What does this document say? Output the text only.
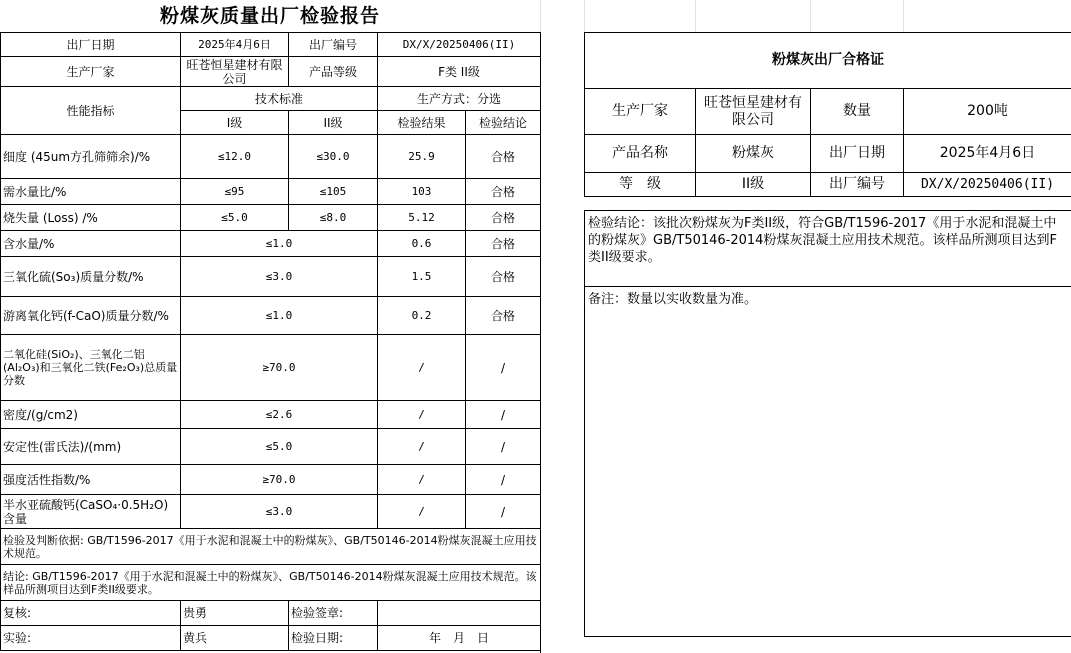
粉煤灰质量出厂检验报告
出厂日期	2025年4月6日	出厂编号	DX/X/20250406(II)	
生产厂家	旺苍恒星建材有限公司	产品等级	F类 II级	
性能指标	技术标准		生产方式：分选	
	I级	II级	检验结果	检验结论
细度 (45um方孔筛筛余)/%	≤12.0	≤30.0	25.9	合格
需水量比/%	≤95	≤105	103	合格
烧失量 (Loss) /%	≤5.0	≤8.0	5.12	合格
含水量/%	≤1.0		0.6	合格
三氧化硫(So₃)质量分数/%	≤3.0		1.5	合格
游离氧化钙(f-CaO)质量分数/%	≤1.0		0.2	合格
二氧化硅(SiO₂)、三氧化二铝(Al₂O₃)和三氧化二铁(Fe₂O₃)总质量分数	≥70.0		/	/
密度/(g/cm2)	≤2.6		/	/
安定性(雷氏法)/(mm)	≤5.0		/	/
强度活性指数/%	≥70.0		/	/
半水亚硫酸钙(CaSO₄·0.5H₂O)含量	≤3.0		/	/
检验及判断依据: GB/T1596-2017《用于水泥和混凝土中的粉煤灰》、GB/T50146-2014粉煤灰混凝土应用技术规范。				
结论: GB/T1596-2017《用于水泥和混凝土中的粉煤灰》、GB/T50146-2014粉煤灰混凝土应用技术规范。该样品所测项目达到F类II级要求。				
复核:	贵勇	检验签章:		
实验:	黄兵	检验日期:	年　月　日	
粉煤灰出厂合格证			
生产厂家	旺苍恒星建材有限公司	数量	200吨
产品名称	粉煤灰	出厂日期	2025年4月6日
等　级	II级	出厂编号	DX/X/20250406(II)

检验结论：该批次粉煤灰为F类II级，符合GB/T1596-2017《用于水泥和混凝土中的粉煤灰》GB/T50146-2014粉煤灰混凝土应用技术规范。该样品所测项目达到F类II级要求。			
备注：数量以实收数量为准。			
